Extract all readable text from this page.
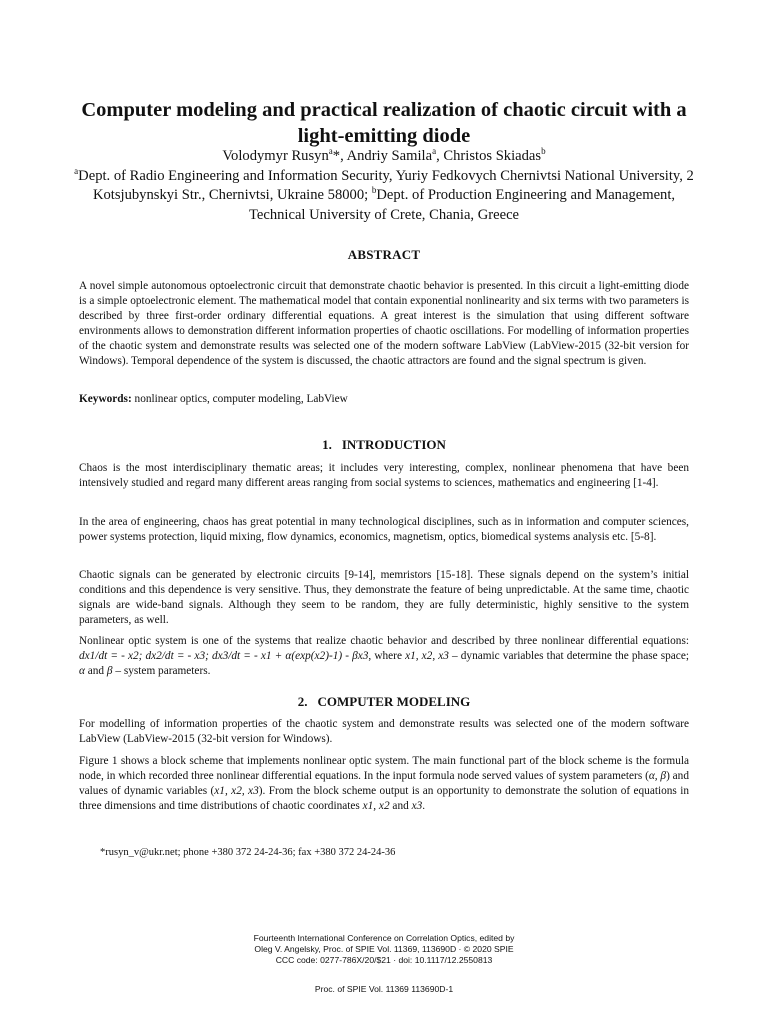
Computer modeling and practical realization of chaotic circuit with a light-emitting diode
Volodymyr Rusyn$^a$*, Andriy Samila$^a$, Christos Skiadas$^b$
$^a$Dept. of Radio Engineering and Information Security, Yuriy Fedkovych Chernivtsi National University, 2 Kotsjubynskyi Str., Chernivtsi, Ukraine 58000; $^b$Dept. of Production Engineering and Management, Technical University of Crete, Chania, Greece
ABSTRACT

A novel simple autonomous optoelectronic circuit that demonstrate chaotic behavior is presented. In this circuit a light-emitting diode is a simple optoelectronic element. The mathematical model that contain exponential nonlinearity and six terms with two parameters is described by three first-order ordinary differential equations. A great interest is the simulation that using different software environments allows to demonstration different information properties of chaotic oscillations. For modelling of information properties of the chaotic system and demonstrate results was selected one of the modern software LabView (LabView-2015 (32-bit version for Windows). Temporal dependence of the system is discussed, the chaotic attractors are found and the signal spectrum is given.

Keywords: nonlinear optics, computer modeling, LabView

1. INTRODUCTION

Chaos is the most interdisciplinary thematic areas; it includes very interesting, complex, nonlinear phenomena that have been intensively studied and regard many different areas ranging from social systems to sciences, mathematics and engineering [1-4].

In the area of engineering, chaos has great potential in many technological disciplines, such as in information and computer sciences, power systems protection, liquid mixing, flow dynamics, economics, magnetism, optics, biomedical systems analysis etc. [5-8].

Chaotic signals can be generated by electronic circuits [9-14], memristors [15-18]. These signals depend on the system’s initial conditions and this dependence is very sensitive. Thus, they demonstrate the feature of being unpredictable. At the same time, chaotic signals are wide-band signals. Although they seem to be random, they are fully deterministic, highly sensitive to the system parameters, as well.

Nonlinear optic system is one of the systems that realize chaotic behavior and described by three nonlinear differential equations: dx1/dt = - x2; dx2/dt = - x3; dx3/dt = - x1 + α(exp(x2)-1) - βx3, where x1, x2, x3 – dynamic variables that determine the phase space; α and β – system parameters.

2. COMPUTER MODELING

For modelling of information properties of the chaotic system and demonstrate results was selected one of the modern software LabView (LabView-2015 (32-bit version for Windows).

Figure 1 shows a block scheme that implements nonlinear optic system. The main functional part of the block scheme is the formula node, in which recorded three nonlinear differential equations. In the input formula node served values of system parameters (α, β) and values of dynamic variables (x1, x2, x3). From the block scheme output is an opportunity to demonstrate the solution of equations in three dimensions and time distributions of chaotic coordinates x1, x2 and x3.

*rusyn_v@ukr.net; phone +380 372 24-24-36; fax +380 372 24-24-36

Fourteenth International Conference on Correlation Optics, edited by
Oleg V. Angelsky, Proc. of SPIE Vol. 11369, 113690D · © 2020 SPIE
CCC code: 0277-786X/20/$21 · doi: 10.1117/12.2550813
Proc. of SPIE Vol. 11369 113690D-1
